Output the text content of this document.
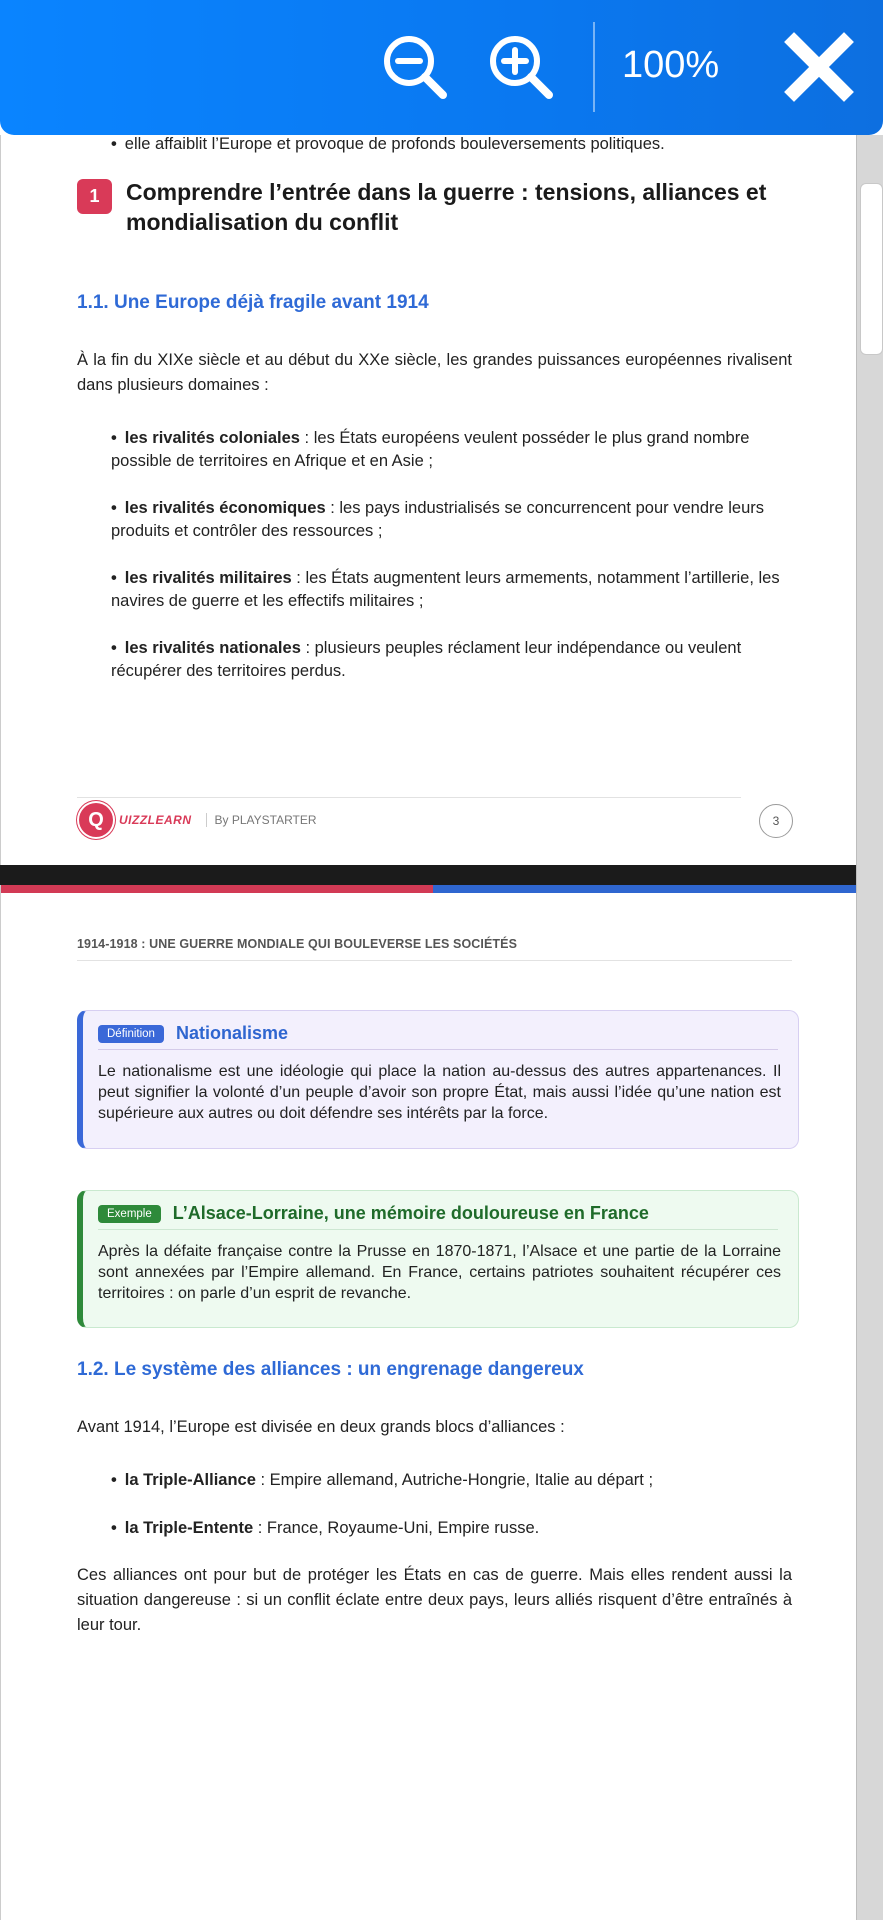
100%
• elle affaiblit l’Europe et provoque de profonds bouleversements politiques.
1	Comprendre l’entrée dans la guerre : tensions, alliances et mondialisation du conflit
1.1. Une Europe déjà fragile avant 1914
À la fin du XIXe siècle et au début du XXe siècle, les grandes puissances européennes rivalisent dans plusieurs domaines :
• les rivalités coloniales : les États européens veulent posséder le plus grand nombre possible de territoires en Afrique et en Asie ;
• les rivalités économiques : les pays industrialisés se concurrencent pour vendre leurs produits et contrôler des ressources ;
• les rivalités militaires : les États augmentent leurs armements, notamment l’artillerie, les navires de guerre et les effectifs militaires ;
• les rivalités nationales : plusieurs peuples réclament leur indépendance ou veulent récupérer des territoires perdus.
Q	UIZZLEARN	By PLAYSTARTER	3
1914-1918 : UNE GUERRE MONDIALE QUI BOULEVERSE LES SOCIÉTÉS
Définition	Nationalisme
Le nationalisme est une idéologie qui place la nation au-dessus des autres appartenances. Il peut signifier la volonté d’un peuple d’avoir son propre État, mais aussi l’idée qu’une nation est supérieure aux autres ou doit défendre ses intérêts par la force.
Exemple	L’Alsace-Lorraine, une mémoire douloureuse en France
Après la défaite française contre la Prusse en 1870-1871, l’Alsace et une partie de la Lorraine sont annexées par l’Empire allemand. En France, certains patriotes souhaitent récupérer ces territoires : on parle d’un esprit de revanche.
1.2. Le système des alliances : un engrenage dangereux
Avant 1914, l’Europe est divisée en deux grands blocs d’alliances :
• la Triple-Alliance : Empire allemand, Autriche-Hongrie, Italie au départ ;
• la Triple-Entente : France, Royaume-Uni, Empire russe.
Ces alliances ont pour but de protéger les États en cas de guerre. Mais elles rendent aussi la situation dangereuse : si un conflit éclate entre deux pays, leurs alliés risquent d’être entraînés à leur tour.
